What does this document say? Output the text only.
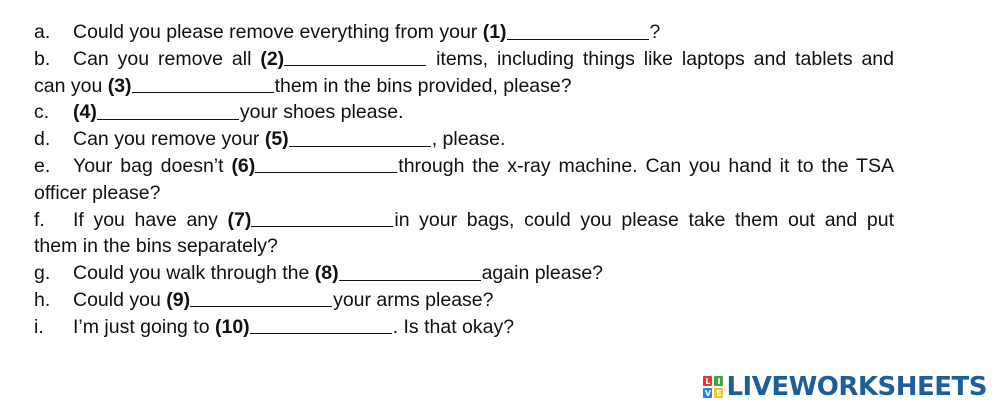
a.	Could you please remove everything from your (1)	?
b.	Can you remove all (2)	items, including things like laptops and tablets and
can you (3)	them in the bins provided, please?
c.	(4)	your shoes please.
d.	Can you remove your (5)	, please.
e.	Your bag doesn’t (6)	through the x-ray machine. Can you hand it to the TSA
officer please?
f.	If you have any (7)	in your bags, could you please take them out and put
them in the bins separately?
g.	Could you walk through the (8)	again please?
h.	Could you (9)	your arms please?
i.	I’m just going to (10)	. Is that okay?
L I
V E LIVEWORKSHEETS
